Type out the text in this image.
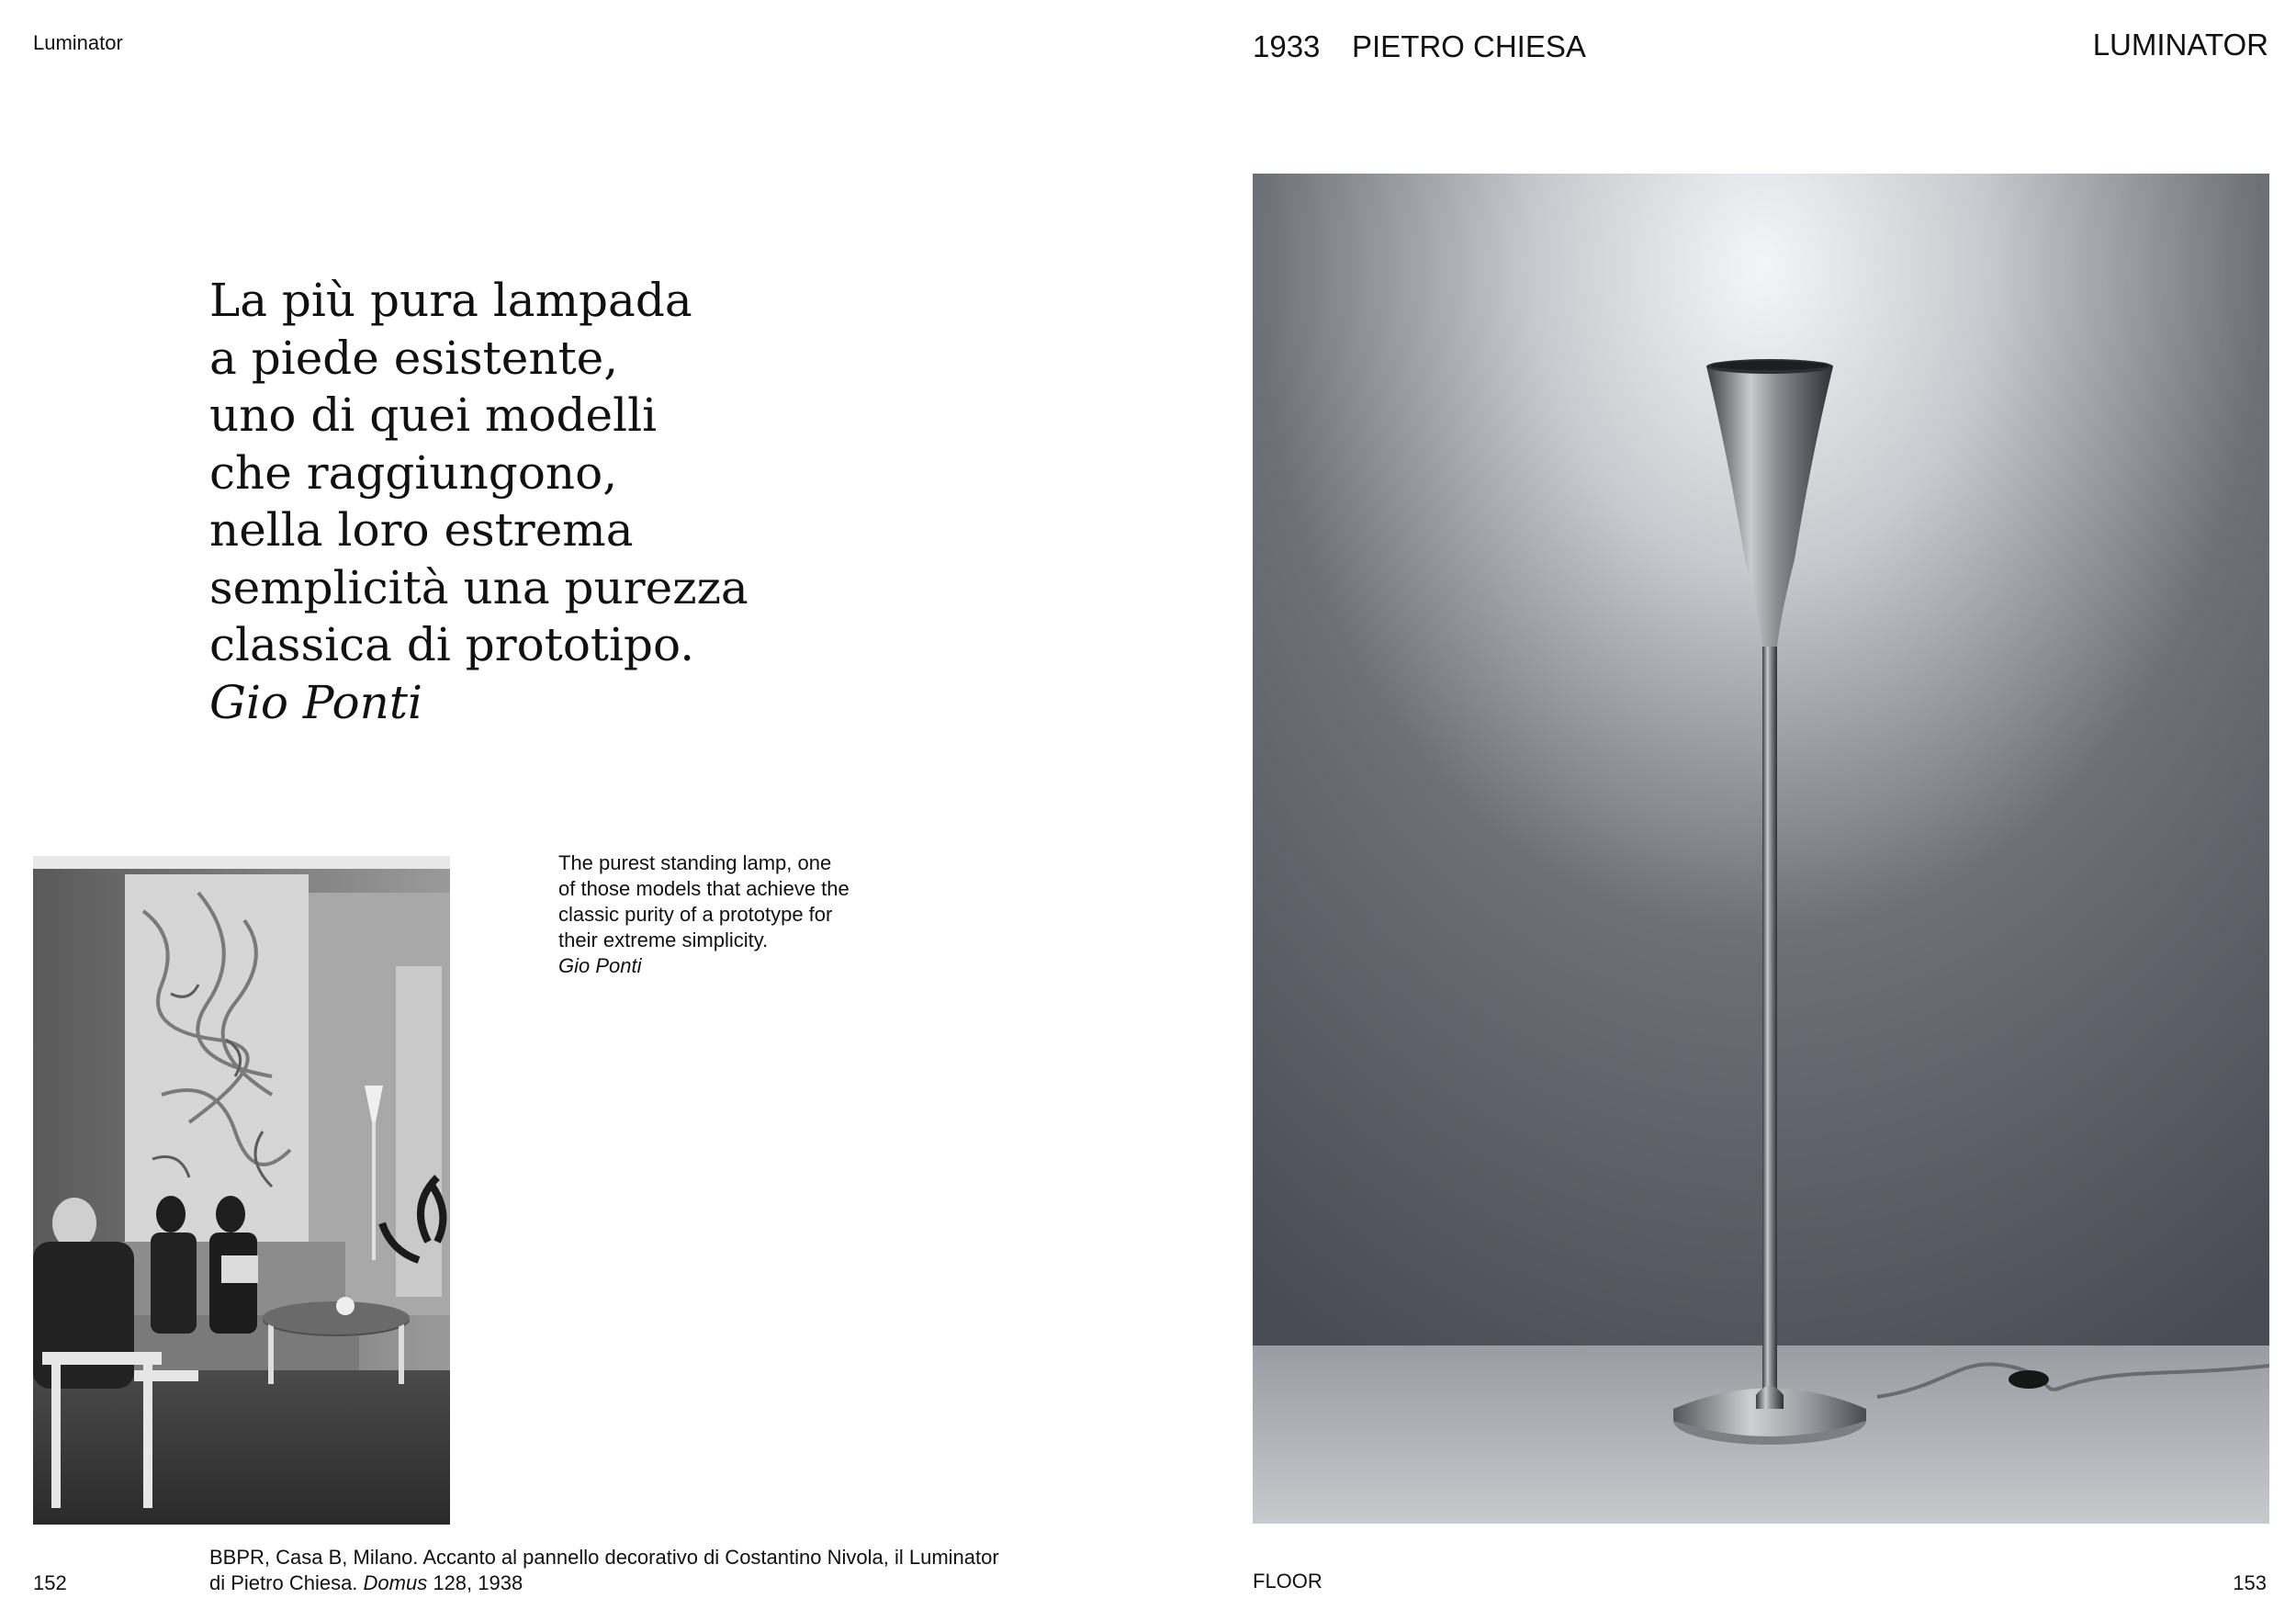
Luminator
La più pura lampada
a piede esistente,
uno di quei modelli
che raggiungono,
nella loro estrema
semplicità una purezza
classica di prototipo.
Gio Ponti
The purest standing lamp, one
of those models that achieve the
classic purity of a prototype for
their extreme simplicity.
Gio Ponti
BBPR, Casa B, Milano. Accanto al pannello decorativo di Costantino Nivola, il Luminator
di Pietro Chiesa. Domus 128, 1938
152
1933 PIETRO CHIESA	LUMINATOR
FLOOR	153
